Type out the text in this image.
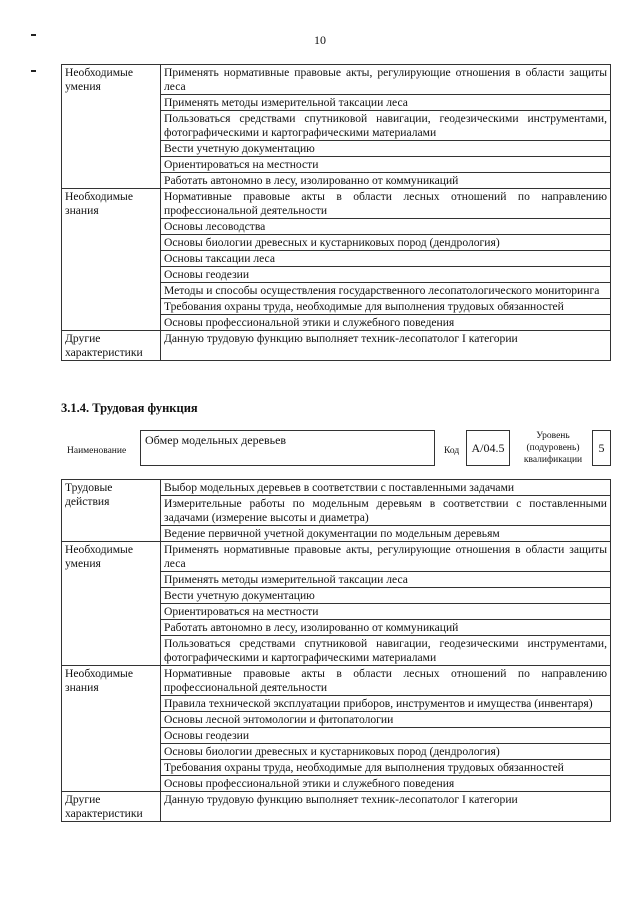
10
Необходимые умения	Применять нормативные правовые акты, регулирующие отношения в области защиты леса
	Применять методы измерительной таксации леса
	Пользоваться средствами спутниковой навигации, геодезическими инструментами, фотографическими и картографическими материалами
	Вести учетную документацию
	Ориентироваться на местности
	Работать автономно в лесу, изолированно от коммуникаций
Необходимые знания	Нормативные правовые акты в области лесных отношений по направлению профессиональной деятельности
	Основы лесоводства
	Основы биологии древесных и кустарниковых пород (дендрология)
	Основы таксации леса
	Основы геодезии
	Методы и способы осуществления государственного лесопатологического мониторинга
	Требования охраны труда, необходимые для выполнения трудовых обязанностей
	Основы профессиональной этики и служебного поведения
Другие характеристики	Данную трудовую функцию выполняет техник-лесопатолог I категории
3.1.4. Трудовая функция
Наименование
Обмер модельных деревьев
Код	A/04.5
Уровень (подуровень) квалификации
5
Трудовые действия	Выбор модельных деревьев в соответствии с поставленными задачами
	Измерительные работы по модельным деревьям в соответствии с поставленными задачами (измерение высоты и диаметра)
	Ведение первичной учетной документации по модельным деревьям
Необходимые умения	Применять нормативные правовые акты, регулирующие отношения в области защиты леса
	Применять методы измерительной таксации леса
	Вести учетную документацию
	Ориентироваться на местности
	Работать автономно в лесу, изолированно от коммуникаций
	Пользоваться средствами спутниковой навигации, геодезическими инструментами, фотографическими и картографическими материалами
Необходимые знания	Нормативные правовые акты в области лесных отношений по направлению профессиональной деятельности
	Правила технической эксплуатации приборов, инструментов и имущества (инвентаря)
	Основы лесной энтомологии и фитопатологии
	Основы геодезии
	Основы биологии древесных и кустарниковых пород (дендрология)
	Требования охраны труда, необходимые для выполнения трудовых обязанностей
	Основы профессиональной этики и служебного поведения
Другие характеристики	Данную трудовую функцию выполняет техник-лесопатолог I категории
